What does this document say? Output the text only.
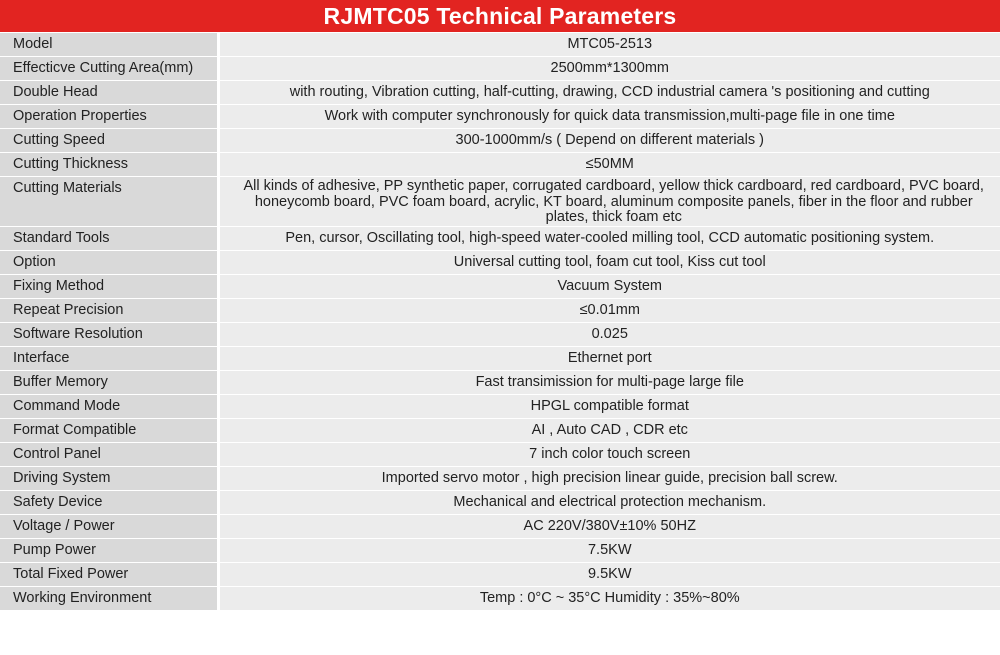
RJMTC05 Technical Parameters
Model	MTC05-2513
Effecticve Cutting Area(mm)	2500mm*1300mm
Double Head	with routing, Vibration cutting, half-cutting, drawing, CCD industrial camera 's positioning and cutting
Operation Properties	Work with computer synchronously for quick data transmission,multi-page file in one time
Cutting Speed	300-1000mm/s ( Depend on different materials )
Cutting Thickness	≤50MM
Cutting Materials	All kinds of adhesive, PP synthetic paper, corrugated cardboard, yellow thick cardboard, red cardboard, PVC board, honeycomb board, PVC foam board, acrylic, KT board, aluminum composite panels, fiber in the floor and rubber plates, thick foam etc
Standard Tools	Pen, cursor, Oscillating tool, high-speed water-cooled milling tool, CCD automatic positioning system.
Option	Universal cutting tool, foam cut tool, Kiss cut tool
Fixing Method	Vacuum System
Repeat Precision	≤0.01mm
Software Resolution	0.025
Interface	Ethernet port
Buffer Memory	Fast transimission for multi-page large file
Command Mode	HPGL compatible format
Format Compatible	AI , Auto CAD , CDR etc
Control Panel	7 inch color touch screen
Driving System	Imported servo motor , high precision linear guide, precision ball screw.
Safety Device	Mechanical and electrical protection mechanism.
Voltage / Power	AC 220V/380V±10% 50HZ
Pump Power	7.5KW
Total Fixed Power	9.5KW
Working Environment	Temp : 0°C ~ 35°C Humidity : 35%~80%
